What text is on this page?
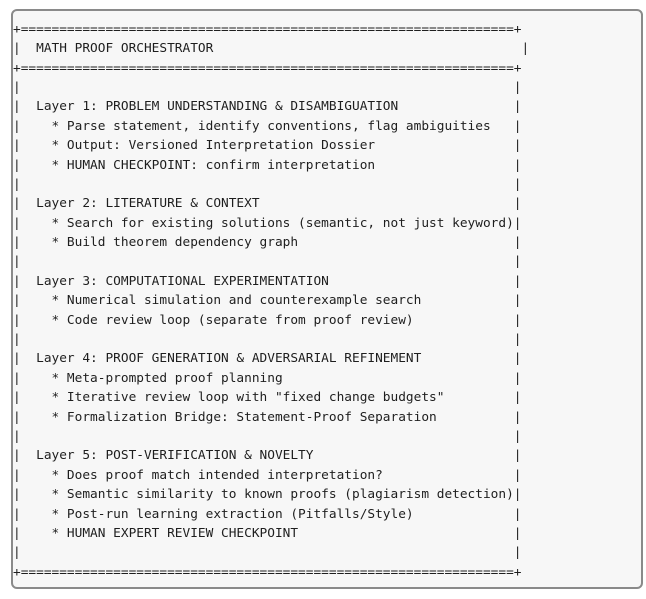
+================================================================+
|  MATH PROOF ORCHESTRATOR                                        |
+================================================================+
|                                                                |
|  Layer 1: PROBLEM UNDERSTANDING & DISAMBIGUATION               |
|    * Parse statement, identify conventions, flag ambiguities   |
|    * Output: Versioned Interpretation Dossier                  |
|    * HUMAN CHECKPOINT: confirm interpretation                  |
|                                                                |
|  Layer 2: LITERATURE & CONTEXT                                 |
|    * Search for existing solutions (semantic, not just keyword)|
|    * Build theorem dependency graph                            |
|                                                                |
|  Layer 3: COMPUTATIONAL EXPERIMENTATION                        |
|    * Numerical simulation and counterexample search            |
|    * Code review loop (separate from proof review)             |
|                                                                |
|  Layer 4: PROOF GENERATION & ADVERSARIAL REFINEMENT            |
|    * Meta-prompted proof planning                              |
|    * Iterative review loop with "fixed change budgets"         |
|    * Formalization Bridge: Statement-Proof Separation          |
|                                                                |
|  Layer 5: POST-VERIFICATION & NOVELTY                          |
|    * Does proof match intended interpretation?                 |
|    * Semantic similarity to known proofs (plagiarism detection)|
|    * Post-run learning extraction (Pitfalls/Style)             |
|    * HUMAN EXPERT REVIEW CHECKPOINT                            |
|                                                                |
+================================================================+
